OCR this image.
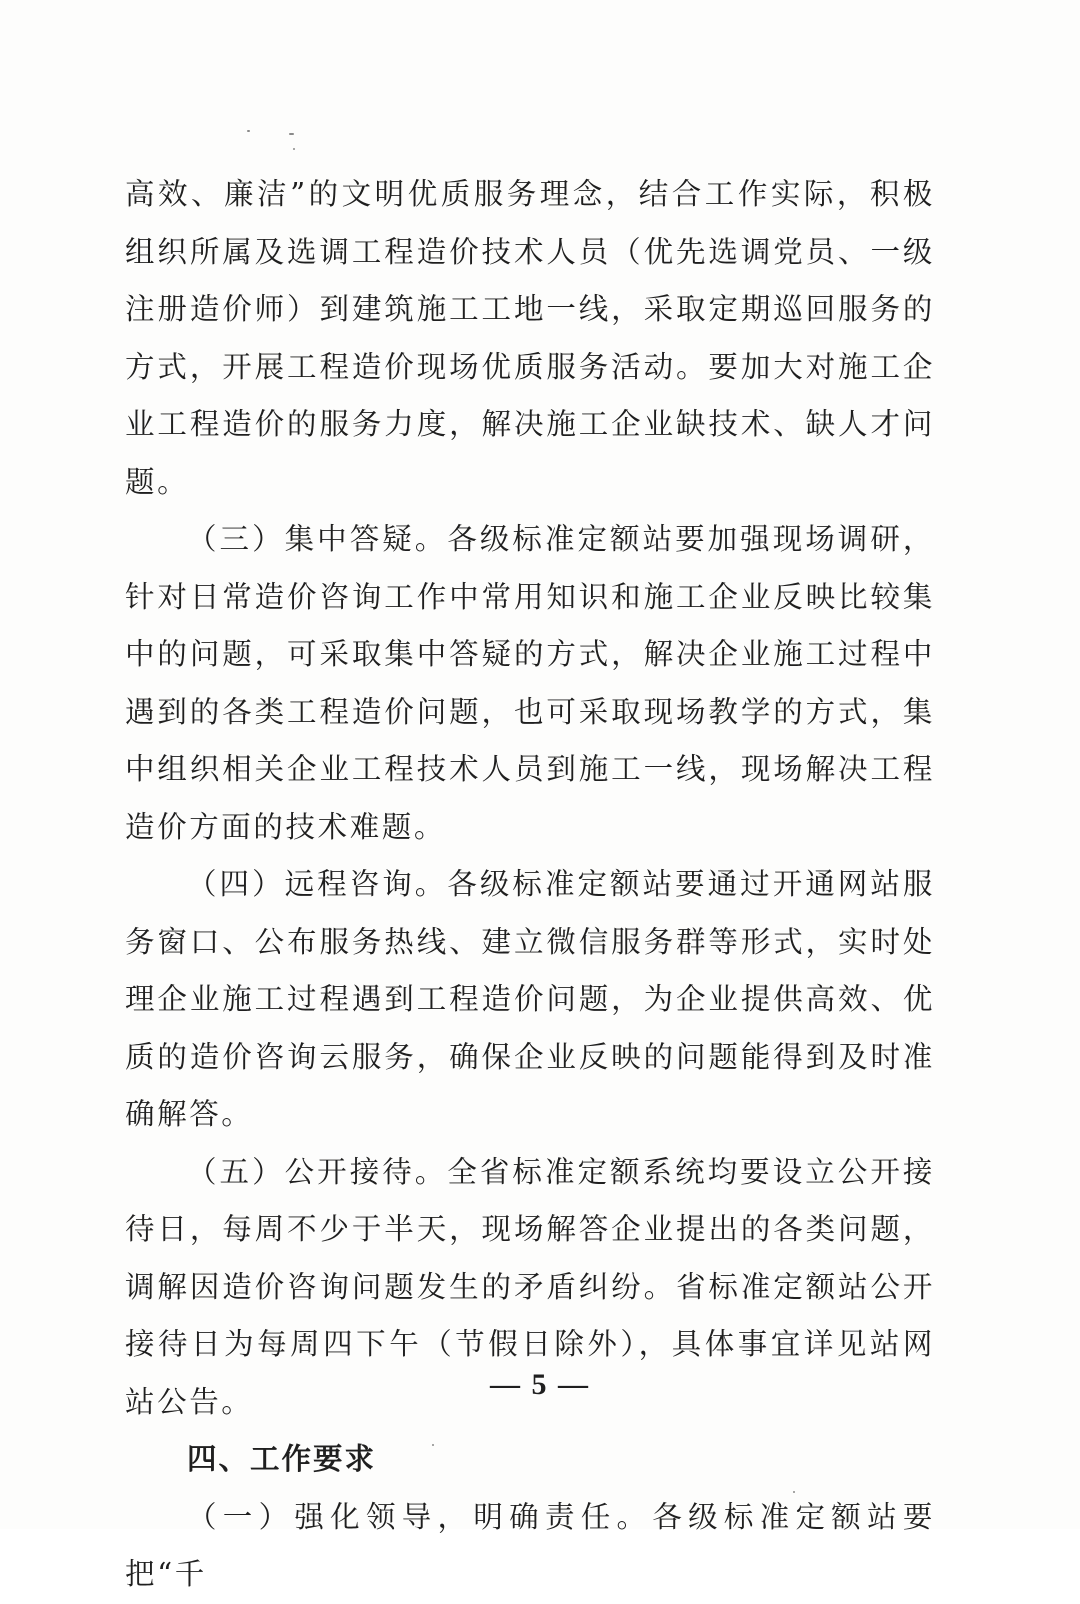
高效、廉洁”的文明优质服务理念，结合工作实际，积极组织所属及选调工程造价技术人员（优先选调党员、一级注册造价师）到建筑施工工地一线，采取定期巡回服务的方式，开展工程造价现场优质服务活动。要加大对施工企业工程造价的服务力度，解决施工企业缺技术、缺人才问题。

（三）集中答疑。各级标准定额站要加强现场调研，针对日常造价咨询工作中常用知识和施工企业反映比较集中的问题，可采取集中答疑的方式，解决企业施工过程中遇到的各类工程造价问题，也可采取现场教学的方式，集中组织相关企业工程技术人员到施工一线，现场解决工程造价方面的技术难题。

（四）远程咨询。各级标准定额站要通过开通网站服务窗口、公布服务热线、建立微信服务群等形式，实时处理企业施工过程遇到工程造价问题，为企业提供高效、优质的造价咨询云服务，确保企业反映的问题能得到及时准确解答。

（五）公开接待。全省标准定额系统均要设立公开接待日，每周不少于半天，现场解答企业提出的各类问题，调解因造价咨询问题发生的矛盾纠纷。省标准定额站公开接待日为每周四下午（节假日除外），具体事宜详见站网站公告。

四、工作要求

（一）强化领导，明确责任。各级标准定额站要把“千

— 5 —
